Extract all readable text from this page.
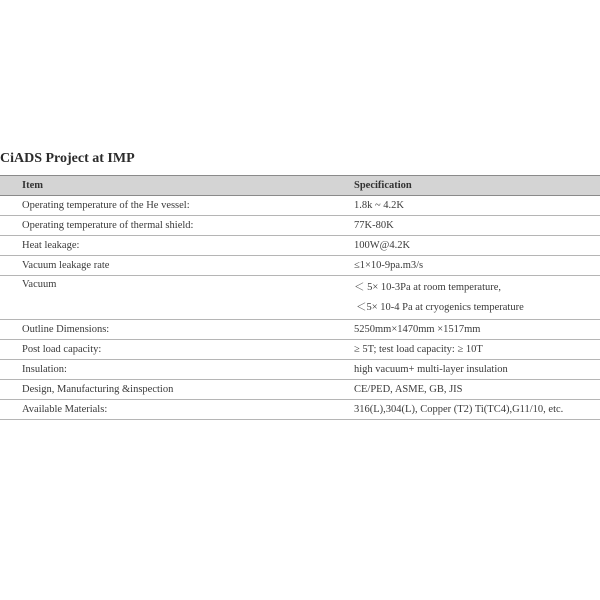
CiADS Project at IMP
Item	Specification
Operating temperature of the He vessel:	1.8k ~ 4.2K
Operating temperature of thermal shield:	77K-80K
Heat leakage:	100W@4.2K
Vacuum leakage rate	≤1×10-9pa.m3/s
Vacuum	＜ 5× 10-3Pa at room temperature,
＜5× 10-4 Pa at cryogenics temperature

Outline Dimensions:	5250mm×1470mm ×1517mm
Post load capacity:	≥ 5T; test load capacity: ≥ 10T
Insulation:	high vacuum+ multi-layer insulation
Design, Manufacturing &inspection	CE/PED, ASME, GB, JIS
Available Materials:	316(L),304(L), Copper (T2) Ti(TC4),G11/10, etc.
